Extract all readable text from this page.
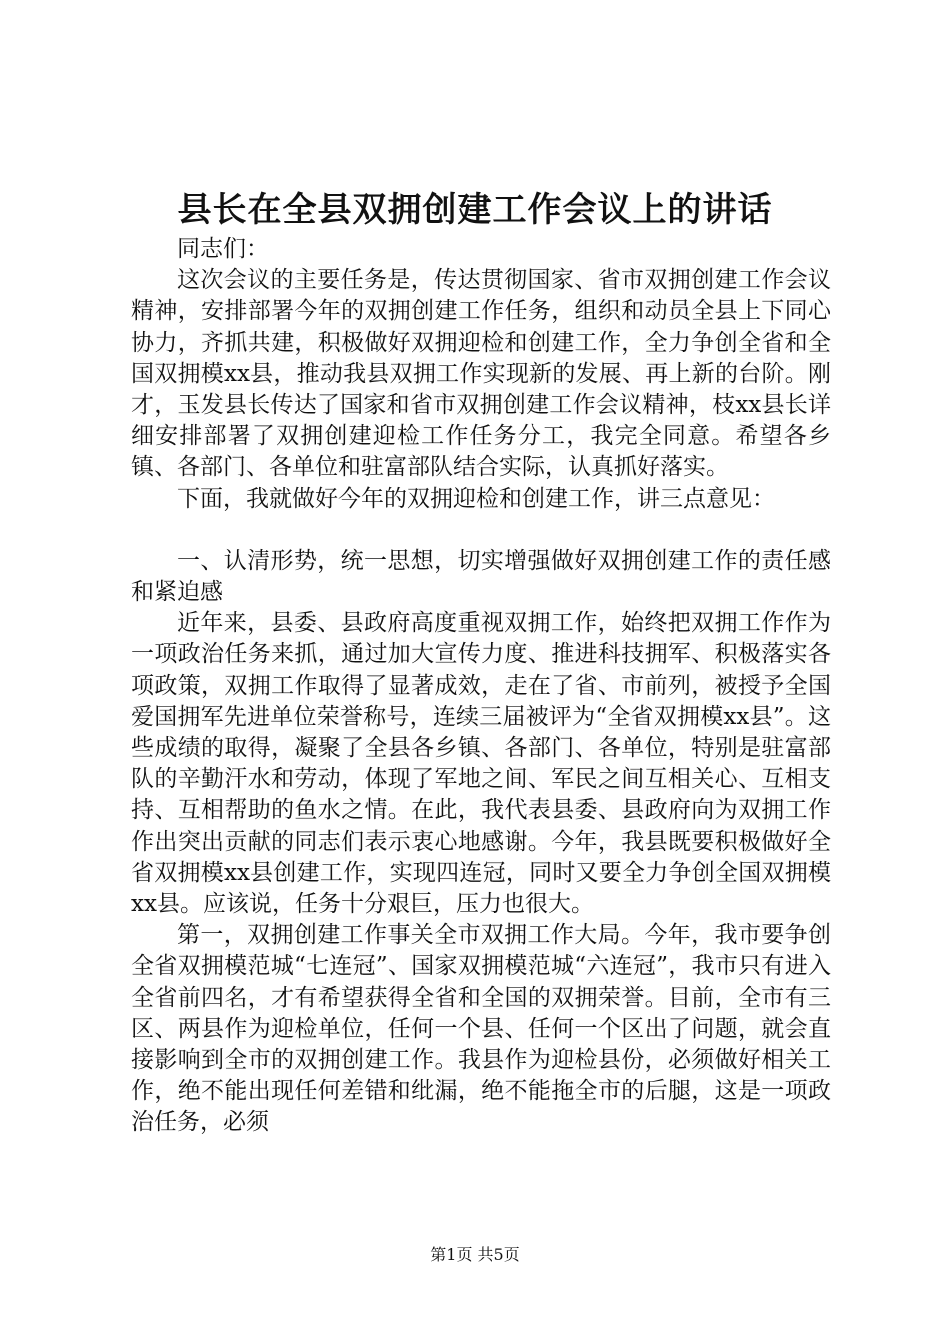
县长在全县双拥创建工作会议上的讲话

同志们：

这次会议的主要任务是，传达贯彻国家、省市双拥创建工作会议精神，安排部署今年的双拥创建工作任务，组织和动员全县上下同心协力，齐抓共建，积极做好双拥迎检和创建工作，全力争创全省和全国双拥模xx县，推动我县双拥工作实现新的发展、再上新的台阶。刚才，玉发县长传达了国家和省市双拥创建工作会议精神，枝xx县长详细安排部署了双拥创建迎检工作任务分工，我完全同意。希望各乡镇、各部门、各单位和驻富部队结合实际，认真抓好落实。

下面，我就做好今年的双拥迎检和创建工作，讲三点意见：

一、认清形势，统一思想，切实增强做好双拥创建工作的责任感和紧迫感

近年来，县委、县政府高度重视双拥工作，始终把双拥工作作为一项政治任务来抓，通过加大宣传力度、推进科技拥军、积极落实各项政策，双拥工作取得了显著成效，走在了省、市前列，被授予全国爱国拥军先进单位荣誉称号，连续三届被评为“全省双拥模xx县”。这些成绩的取得，凝聚了全县各乡镇、各部门、各单位，特别是驻富部队的辛勤汗水和劳动，体现了军地之间、军民之间互相关心、互相支持、互相帮助的鱼水之情。在此，我代表县委、县政府向为双拥工作作出突出贡献的同志们表示衷心地感谢。今年，我县既要积极做好全省双拥模xx县创建工作，实现四连冠，同时又要全力争创全国双拥模xx县。应该说，任务十分艰巨，压力也很大。

第一，双拥创建工作事关全市双拥工作大局。今年，我市要争创全省双拥模范城“七连冠”、国家双拥模范城“六连冠”，我市只有进入全省前四名，才有希望获得全省和全国的双拥荣誉。目前，全市有三区、两县作为迎检单位，任何一个县、任何一个区出了问题，就会直接影响到全市的双拥创建工作。我县作为迎检县份，必须做好相关工作，绝不能出现任何差错和纰漏，绝不能拖全市的后腿，这是一项政治任务，必须

第1页 共5页
